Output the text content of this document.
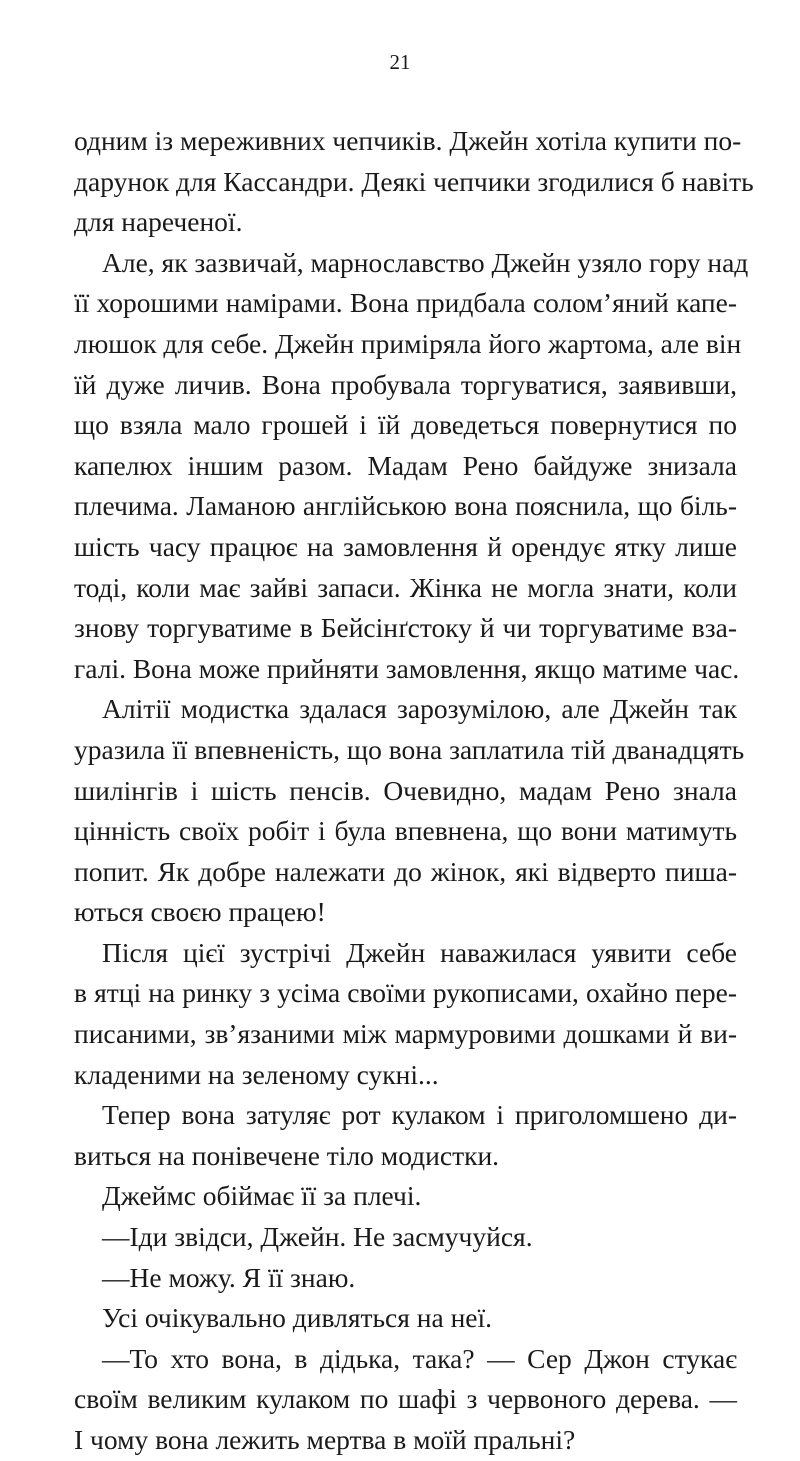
21
одним із мереживних чепчиків. Джейн хотіла купити по-
дарунок для Кассандри. Деякі чепчики згодилися б навіть
для нареченої.
Але, як зазвичай, марнославство Джейн узяло гору над
її хорошими намірами. Вона придбала солом’яний капе-
люшок для себе. Джейн приміряла його жартома, але він
їй дуже личив. Вона пробувала торгуватися, заявивши,
що взяла мало грошей і їй доведеться повернутися по
капелюх іншим разом. Мадам Рено байдуже знизала
плечима. Ламаною англійською вона пояснила, що біль-
шість часу працює на замовлення й орендує ятку лише
тоді, коли має зайві запаси. Жінка не могла знати, коли
знову торгуватиме в Бейсінґстоку й чи торгуватиме вза-
галі. Вона може прийняти замовлення, якщо матиме час.
Алітії модистка здалася зарозумілою, але Джейн так
уразила її впевненість, що вона заплатила тій дванадцять
шилінгів і шість пенсів. Очевидно, мадам Рено знала
цінність своїх робіт і була впевнена, що вони матимуть
попит. Як добре належати до жінок, які відверто пиша-
ються своєю працею!
Після цієї зустрічі Джейн наважилася уявити себе
в ятці на ринку з усіма своїми рукописами, охайно пере-
писаними, зв’язаними між мармуровими дошками й ви-
кладеними на зеленому сукні...
Тепер вона затуляє рот кулаком і приголомшено ди-
виться на понівечене тіло модистки.
Джеймс обіймає її за плечі.
—Іди звідси, Джейн. Не засмучуйся.
—Не можу. Я її знаю.
Усі очікувально дивляться на неї.
—То хто вона, в дідька, така? — Сер Джон стукає
своїм великим кулаком по шафі з червоного дерева. —
І чому вона лежить мертва в моїй пральні?
